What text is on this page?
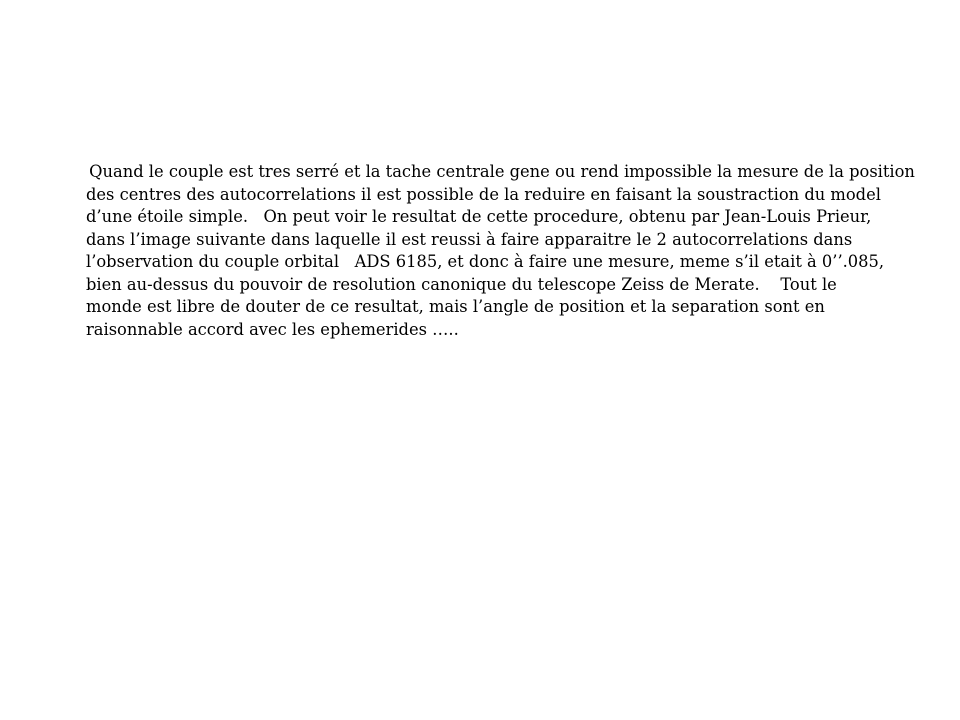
Quand le couple est tres serré et la tache centrale gene ou rend impossible la mesure de la position
des centres des autocorrelations il est possible de la reduire en faisant la soustraction du model
d’une étoile simple.   On peut voir le resultat de cette procedure, obtenu par Jean-Louis Prieur,
dans l’image suivante dans laquelle il est reussi à faire apparaitre le 2 autocorrelations dans
l’observation du couple orbital   ADS 6185, et donc à faire une mesure, meme s’il etait à 0’’.085,
bien au-dessus du pouvoir de resolution canonique du telescope Zeiss de Merate.    Tout le
monde est libre de douter de ce resultat, mais l’angle de position et la separation sont en
raisonnable accord avec les ephemerides …..
